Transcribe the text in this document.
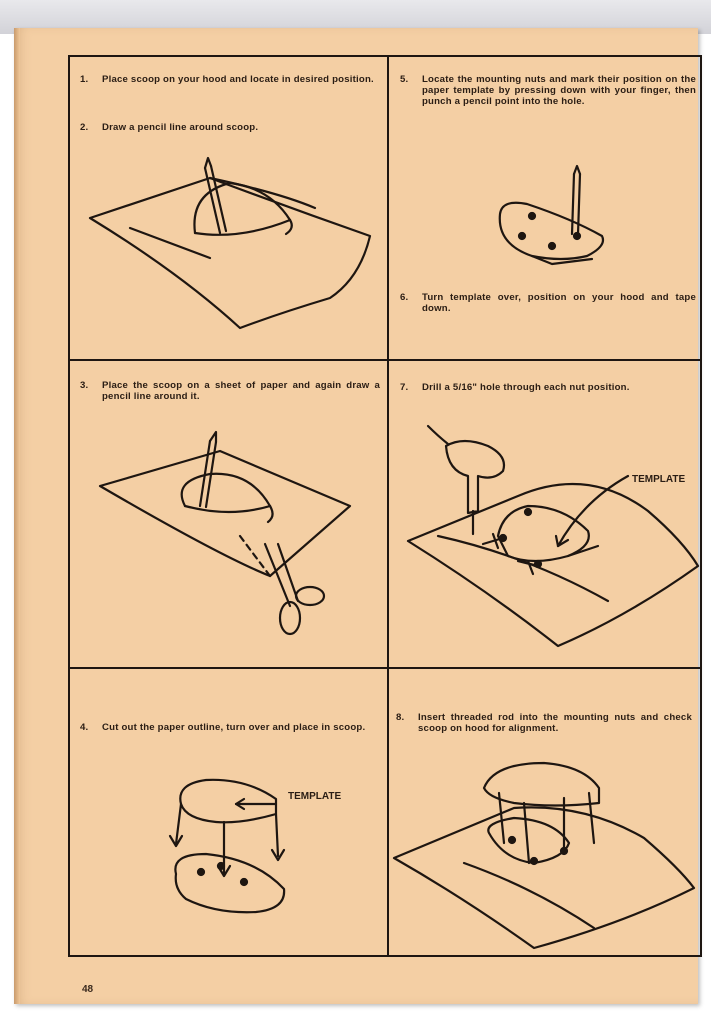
1. Place scoop on your hood and locate in desired position.
2. Draw a pencil line around scoop.
5. Locate the mounting nuts and mark their position on the paper template by pressing down with your finger, then punch a pencil point into the hole.
6. Turn template over, position on your hood and tape down.
3. Place the scoop on a sheet of paper and again draw a pencil line around it.
7. Drill a 5/16" hole through each nut position.
4. Cut out the paper outline, turn over and place in scoop.
8. Insert threaded rod into the mounting nuts and check scoop on hood for alignment.
TEMPLATE
TEMPLATE
48
